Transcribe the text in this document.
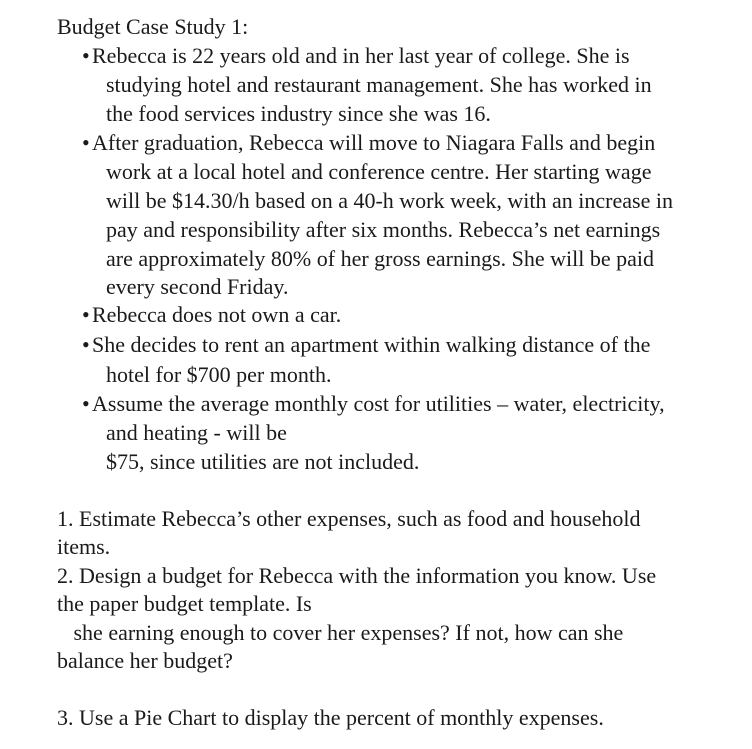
Budget Case Study 1:

• Rebecca is 22 years old and in her last year of college. She is

studying hotel and restaurant management. She has worked in

the food services industry since she was 16.

• After graduation, Rebecca will move to Niagara Falls and begin

work at a local hotel and conference centre. Her starting wage

will be $14.30/h based on a 40-h work week, with an increase in

pay and responsibility after six months. Rebecca’s net earnings

are approximately 80% of her gross earnings. She will be paid

every second Friday.

• Rebecca does not own a car.

• She decides to rent an apartment within walking distance of the

hotel for $700 per month.

• Assume the average monthly cost for utilities – water, electricity,

and heating - will be

$75, since utilities are not included.

1. Estimate Rebecca’s other expenses, such as food and household

items.

2. Design a budget for Rebecca with the information you know. Use

the paper budget template. Is

she earning enough to cover her expenses? If not, how can she

balance her budget?

3. Use a Pie Chart to display the percent of monthly expenses.
